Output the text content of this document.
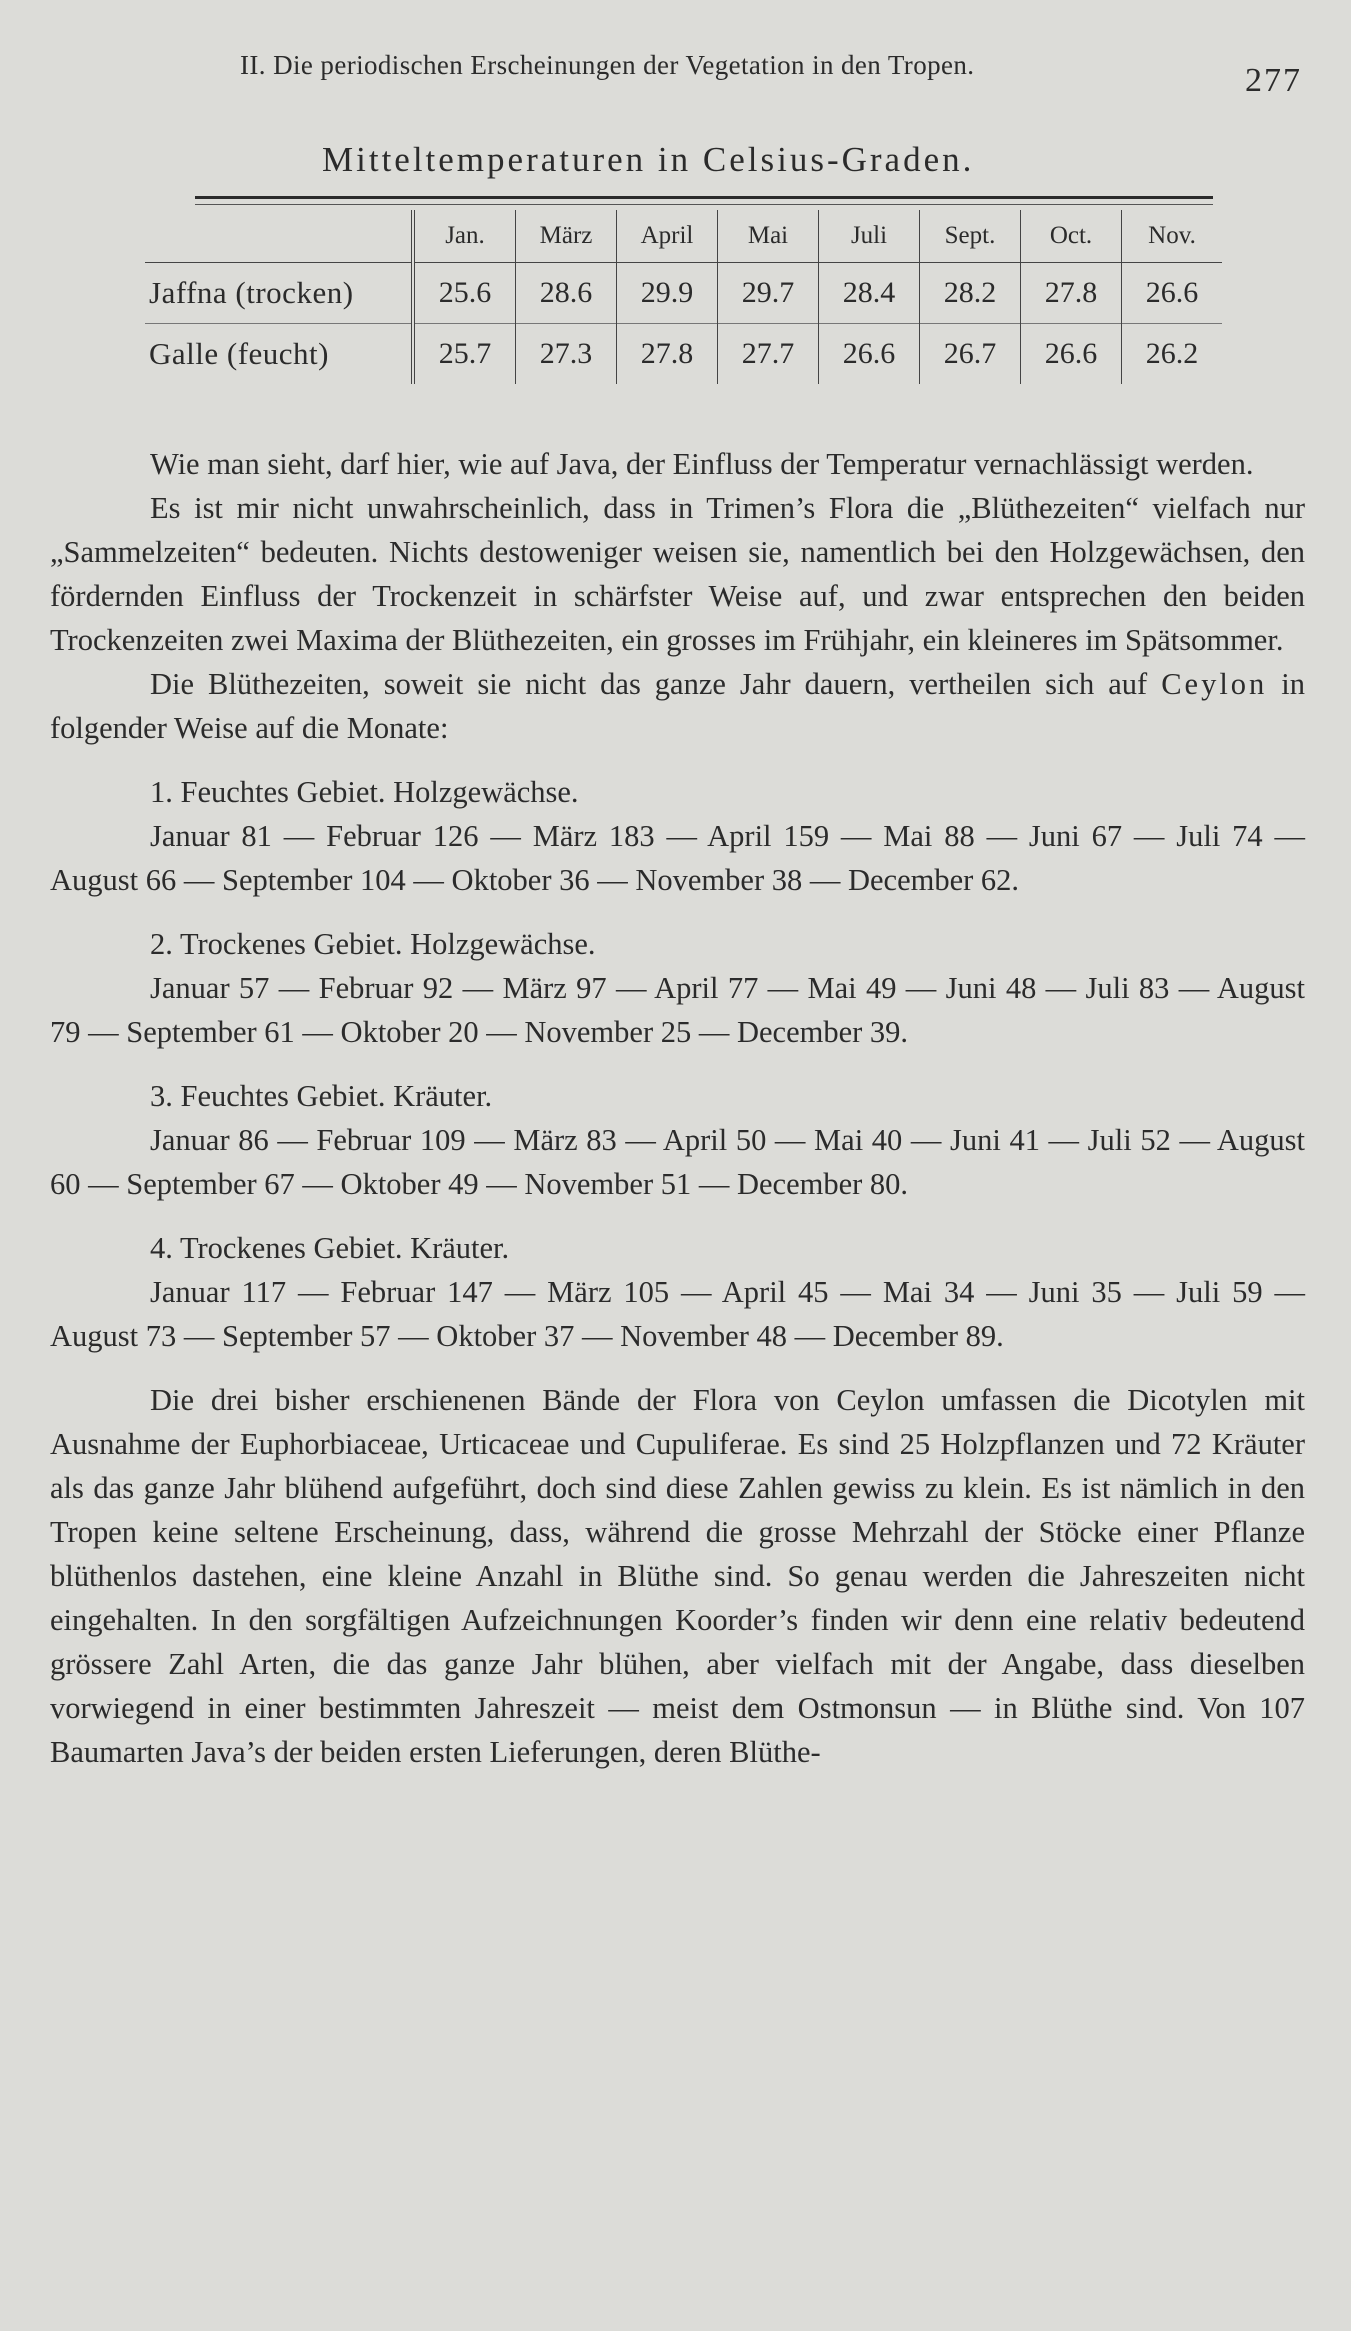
II. Die periodischen Erscheinungen der Vegetation in den Tropen.	277
Mitteltemperaturen in Celsius-Graden.
	Jan.	März	April	Mai	Juli	Sept.	Oct.	Nov.
Jaffna (trocken)	25.6	28.6	29.9	29.7	28.4	28.2	27.8	26.6
Galle (feucht)	25.7	27.3	27.8	27.7	26.6	26.7	26.6	26.2

Wie man sieht, darf hier, wie auf Java, der Einfluss der Temperatur vernachlässigt werden.

Es ist mir nicht unwahrscheinlich, dass in Trimen’s Flora die „Blüthezeiten“ vielfach nur „Sammelzeiten“ bedeuten. Nichts destoweniger weisen sie, namentlich bei den Holzgewächsen, den fördernden Einfluss der Trockenzeit in schärfster Weise auf, und zwar entsprechen den beiden Trockenzeiten zwei Maxima der Blüthezeiten, ein grosses im Frühjahr, ein kleineres im Spätsommer.

Die Blüthezeiten, soweit sie nicht das ganze Jahr dauern, vertheilen sich auf Ceylon in folgender Weise auf die Monate:

1. Feuchtes Gebiet. Holzgewächse.

Januar 81 — Februar 126 — März 183 — April 159 — Mai 88 — Juni 67 — Juli 74 — August 66 — September 104 — Oktober 36 — November 38 — December 62.

2. Trockenes Gebiet. Holzgewächse.

Januar 57 — Februar 92 — März 97 — April 77 — Mai 49 — Juni 48 — Juli 83 — August 79 — September 61 — Oktober 20 — November 25 — December 39.

3. Feuchtes Gebiet. Kräuter.

Januar 86 — Februar 109 — März 83 — April 50 — Mai 40 — Juni 41 — Juli 52 — August 60 — September 67 — Oktober 49 — November 51 — December 80.

4. Trockenes Gebiet. Kräuter.

Januar 117 — Februar 147 — März 105 — April 45 — Mai 34 — Juni 35 — Juli 59 — August 73 — September 57 — Oktober 37 — November 48 — December 89.

Die drei bisher erschienenen Bände der Flora von Ceylon umfassen die Dicotylen mit Ausnahme der Euphorbiaceae, Urticaceae und Cupuliferae. Es sind 25 Holzpflanzen und 72 Kräuter als das ganze Jahr blühend aufgeführt, doch sind diese Zahlen gewiss zu klein. Es ist nämlich in den Tropen keine seltene Erscheinung, dass, während die grosse Mehrzahl der Stöcke einer Pflanze blüthenlos dastehen, eine kleine Anzahl in Blüthe sind. So genau werden die Jahreszeiten nicht eingehalten. In den sorgfältigen Aufzeichnungen Koorder’s finden wir denn eine relativ bedeutend grössere Zahl Arten, die das ganze Jahr blühen, aber vielfach mit der Angabe, dass dieselben vorwiegend in einer bestimmten Jahreszeit — meist dem Ostmonsun — in Blüthe sind. Von 107 Baumarten Java’s der beiden ersten Lieferungen, deren Blüthe-
